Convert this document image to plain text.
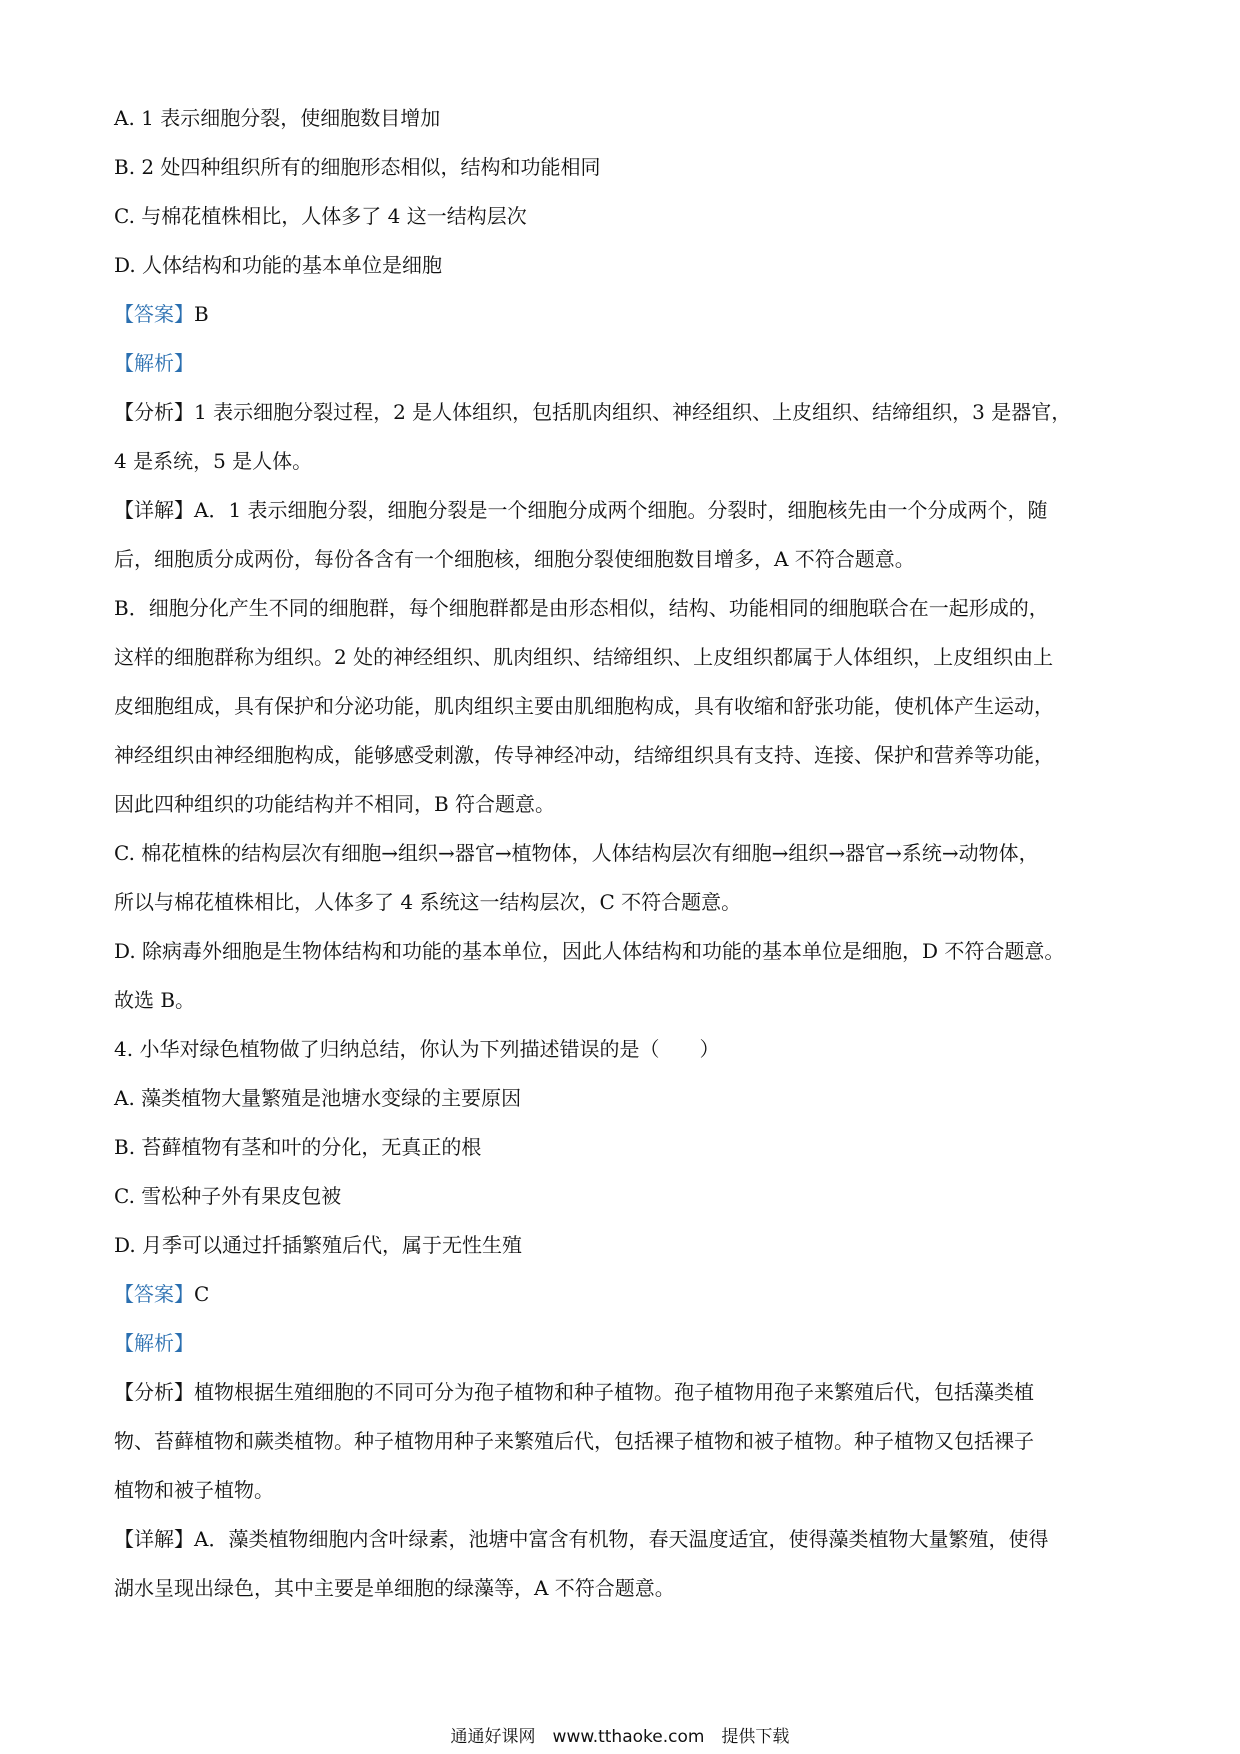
A. 1 表示细胞分裂，使细胞数目增加
B. 2 处四种组织所有的细胞形态相似，结构和功能相同
C. 与棉花植株相比，人体多了 4 这一结构层次
D. 人体结构和功能的基本单位是细胞
【答案】B
【解析】
【分析】1 表示细胞分裂过程，2 是人体组织，包括肌肉组织、神经组织、上皮组织、结缔组织，3 是器官，
4 是系统，5 是人体。
【详解】A．1 表示细胞分裂，细胞分裂是一个细胞分成两个细胞。分裂时，细胞核先由一个分成两个，随
后，细胞质分成两份，每份各含有一个细胞核，细胞分裂使细胞数目增多，A 不符合题意。
B．细胞分化产生不同的细胞群，每个细胞群都是由形态相似，结构、功能相同的细胞联合在一起形成的，
这样的细胞群称为组织。2 处的神经组织、肌肉组织、结缔组织、上皮组织都属于人体组织，上皮组织由上
皮细胞组成，具有保护和分泌功能，肌肉组织主要由肌细胞构成，具有收缩和舒张功能，使机体产生运动，
神经组织由神经细胞构成，能够感受刺激，传导神经冲动，结缔组织具有支持、连接、保护和营养等功能，
因此四种组织的功能结构并不相同，B 符合题意。
C. 棉花植株的结构层次有细胞→组织→器官→植物体，人体结构层次有细胞→组织→器官→系统→动物体，
所以与棉花植株相比，人体多了 4 系统这一结构层次，C 不符合题意。
D. 除病毒外细胞是生物体结构和功能的基本单位，因此人体结构和功能的基本单位是细胞，D 不符合题意。
故选 B。
4. 小华对绿色植物做了归纳总结，你认为下列描述错误的是（　　）
A. 藻类植物大量繁殖是池塘水变绿的主要原因
B. 苔藓植物有茎和叶的分化，无真正的根
C. 雪松种子外有果皮包被
D. 月季可以通过扦插繁殖后代，属于无性生殖
【答案】C
【解析】
【分析】植物根据生殖细胞的不同可分为孢子植物和种子植物。孢子植物用孢子来繁殖后代，包括藻类植
物、苔藓植物和蕨类植物。种子植物用种子来繁殖后代，包括裸子植物和被子植物。种子植物又包括裸子
植物和被子植物。
【详解】A．藻类植物细胞内含叶绿素，池塘中富含有机物，春天温度适宜，使得藻类植物大量繁殖，使得
湖水呈现出绿色，其中主要是单细胞的绿藻等，A 不符合题意。
通通好课网　www.tthaoke.com　提供下载
